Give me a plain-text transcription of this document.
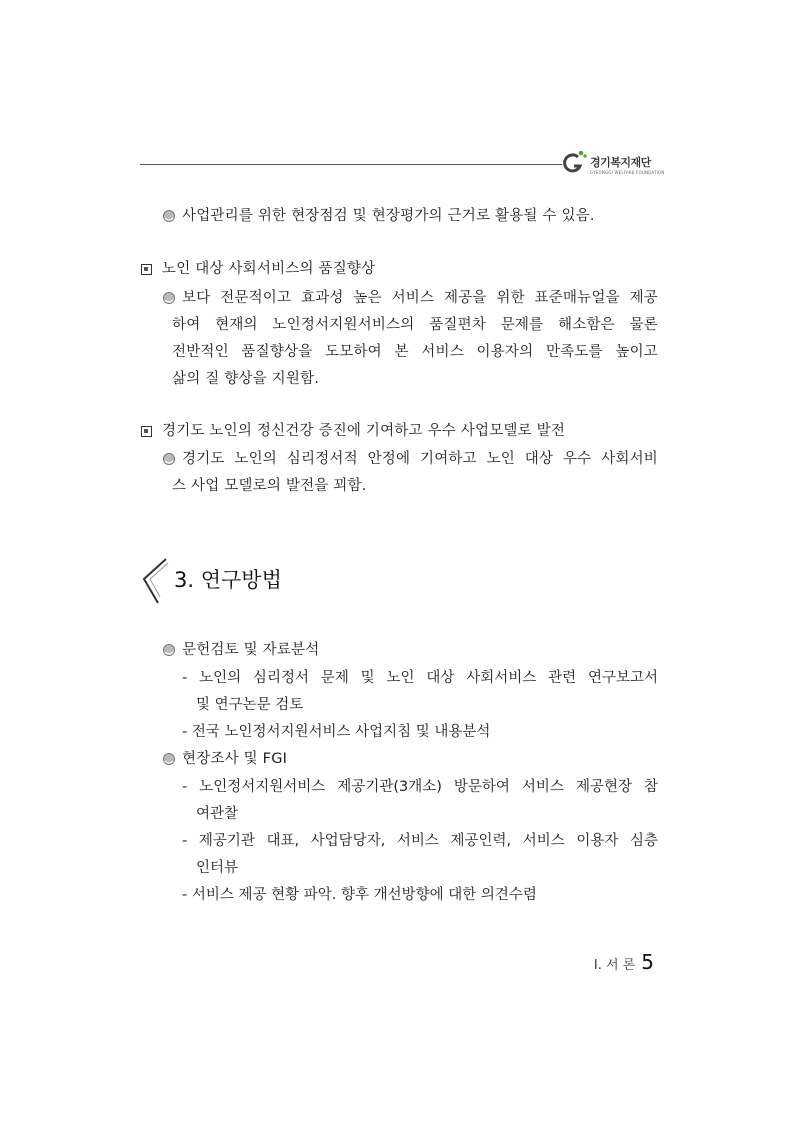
경기복지재단
GYEONGGI WELFARE FOUNDATION
사업관리를 위한 현장점검 및 현장평가의 근거로 활용될 수 있음.
노인 대상 사회서비스의 품질향상
보다 전문적이고 효과성 높은 서비스 제공을 위한 표준매뉴얼을 제공
하여 현재의 노인정서지원서비스의 품질편차 문제를 해소함은 물론
전반적인 품질향상을 도모하여 본 서비스 이용자의 만족도를 높이고
삶의 질 향상을 지원함.
경기도 노인의 정신건강 증진에 기여하고 우수 사업모델로 발전
경기도 노인의 심리정서적 안정에 기여하고 노인 대상 우수 사회서비
스 사업 모델로의 발전을 꾀함.
3. 연구방법
문헌검토 및 자료분석
- 노인의 심리정서 문제 및 노인 대상 사회서비스 관련 연구보고서
및 연구논문 검토
- 전국 노인정서지원서비스 사업지침 및 내용분석
현장조사 및 FGI
- 노인정서지원서비스 제공기관(3개소) 방문하여 서비스 제공현장 참
여관찰
- 제공기관 대표, 사업담당자, 서비스 제공인력, 서비스 이용자 심층
인터뷰
- 서비스 제공 현황 파악. 향후 개선방향에 대한 의견수렴
Ⅰ. 서 론 5
